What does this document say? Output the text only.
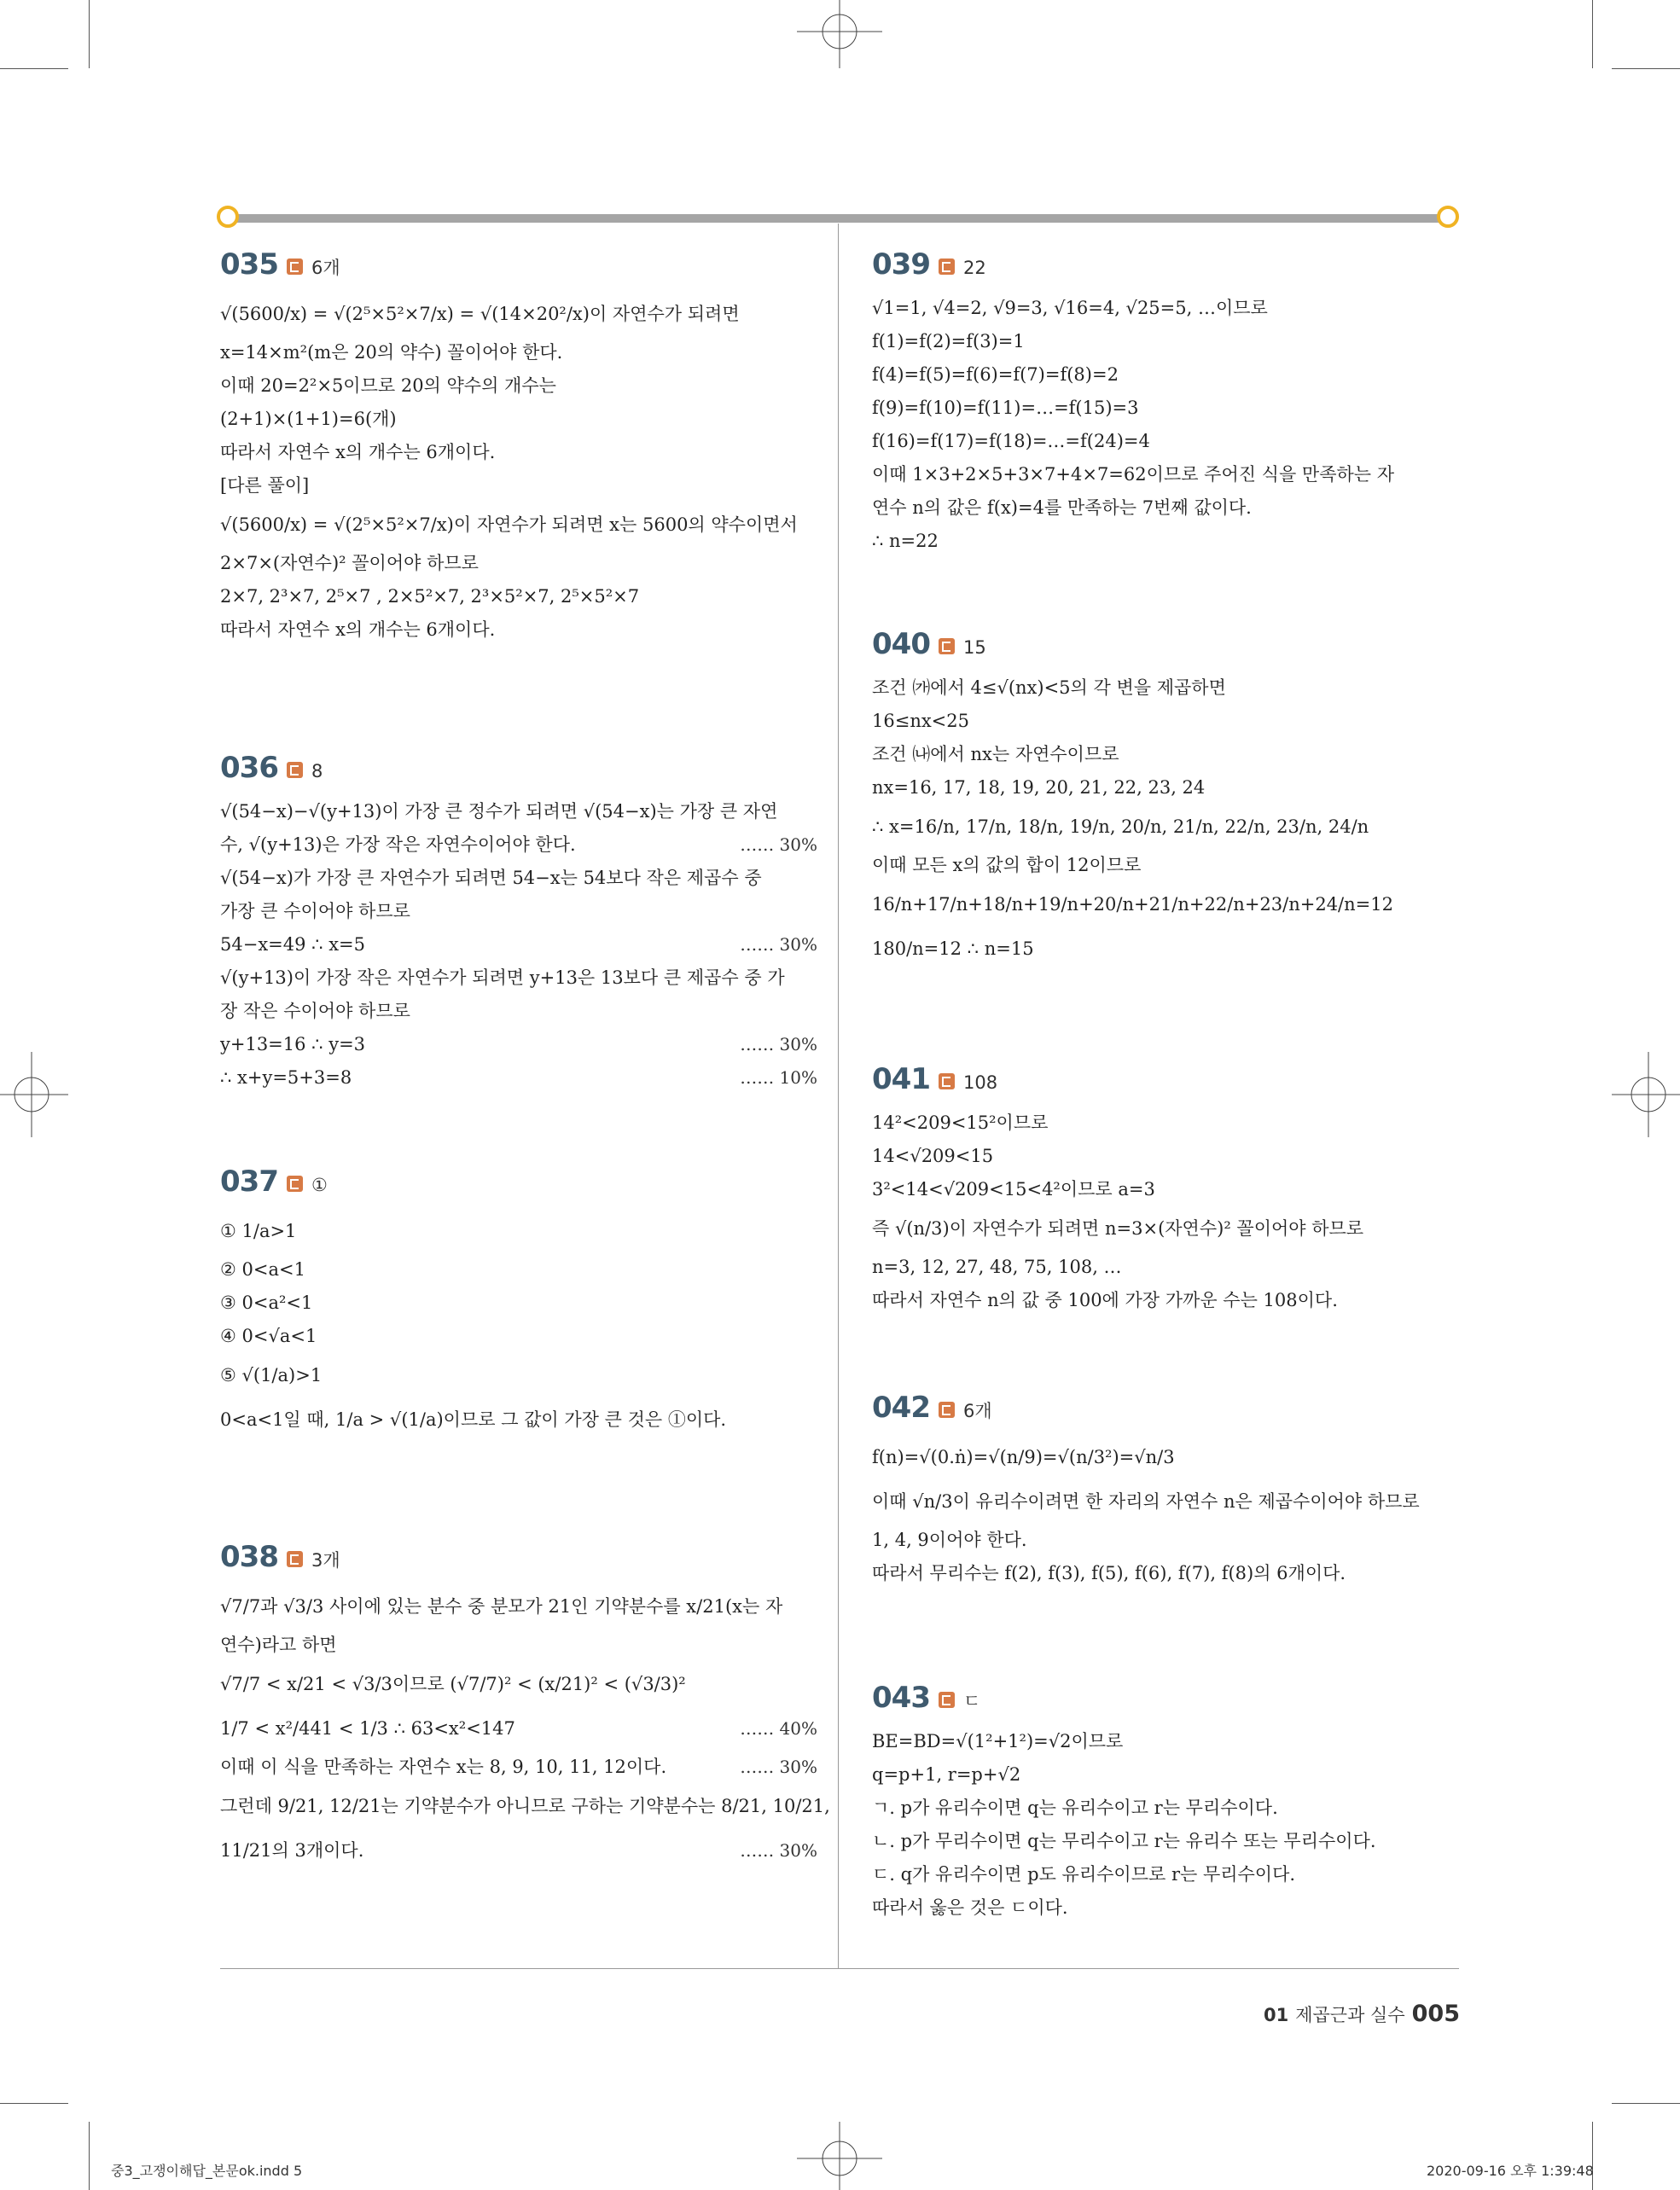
035 6개
√(5600/x) = √(2⁵×5²×7/x) = √(14×20²/x)이 자연수가 되려면
x=14×m²(m은 20의 약수) 꼴이어야 한다.
이때 20=2²×5이므로 20의 약수의 개수는
(2+1)×(1+1)=6(개)
따라서 자연수 x의 개수는 6개이다.
[다른 풀이]
√(5600/x) = √(2⁵×5²×7/x)이 자연수가 되려면 x는 5600의 약수이면서
2×7×(자연수)² 꼴이어야 하므로
2×7, 2³×7, 2⁵×7 , 2×5²×7, 2³×5²×7, 2⁵×5²×7
따라서 자연수 x의 개수는 6개이다.
036 8
√(54−x)−√(y+13)이 가장 큰 정수가 되려면 √(54−x)는 가장 큰 자연
수, √(y+13)은 가장 작은 자연수이어야 한다.	…… 30%
√(54−x)가 가장 큰 자연수가 되려면 54−x는 54보다 작은 제곱수 중
가장 큰 수이어야 하므로
54−x=49 ∴ x=5	…… 30%
√(y+13)이 가장 작은 자연수가 되려면 y+13은 13보다 큰 제곱수 중 가
장 작은 수이어야 하므로
y+13=16 ∴ y=3	…… 30%
∴ x+y=5+3=8	…… 10%
037 ①
① 1/a>1
② 0<a<1
③ 0<a²<1
④ 0<√a<1
⑤ √(1/a)>1
0<a<1일 때, 1/a > √(1/a)이므로 그 값이 가장 큰 것은 ①이다.
038 3개
√7/7과 √3/3 사이에 있는 분수 중 분모가 21인 기약분수를 x/21(x는 자
연수)라고 하면
√7/7 < x/21 < √3/3이므로 (√7/7)² < (x/21)² < (√3/3)²
1/7 < x²/441 < 1/3 ∴ 63<x²<147	…… 40%
이때 이 식을 만족하는 자연수 x는 8, 9, 10, 11, 12이다.	…… 30%
그런데 9/21, 12/21는 기약분수가 아니므로 구하는 기약분수는 8/21, 10/21,
11/21의 3개이다.	…… 30%
039 22
√1=1, √4=2, √9=3, √16=4, √25=5, …이므로
f(1)=f(2)=f(3)=1
f(4)=f(5)=f(6)=f(7)=f(8)=2
f(9)=f(10)=f(11)=…=f(15)=3
f(16)=f(17)=f(18)=…=f(24)=4
이때 1×3+2×5+3×7+4×7=62이므로 주어진 식을 만족하는 자
연수 n의 값은 f(x)=4를 만족하는 7번째 값이다.
∴ n=22
040 15
조건 ㈎에서 4≤√(nx)<5의 각 변을 제곱하면
16≤nx<25
조건 ㈏에서 nx는 자연수이므로
nx=16, 17, 18, 19, 20, 21, 22, 23, 24
∴ x=16/n, 17/n, 18/n, 19/n, 20/n, 21/n, 22/n, 23/n, 24/n
이때 모든 x의 값의 합이 12이므로
16/n+17/n+18/n+19/n+20/n+21/n+22/n+23/n+24/n=12
180/n=12 ∴ n=15
041 108
14²<209<15²이므로
14<√209<15
3²<14<√209<15<4²이므로 a=3
즉 √(n/3)이 자연수가 되려면 n=3×(자연수)² 꼴이어야 하므로
n=3, 12, 27, 48, 75, 108, …
따라서 자연수 n의 값 중 100에 가장 가까운 수는 108이다.
042 6개
f(n)=√(0.ṅ)=√(n/9)=√(n/3²)=√n/3
이때 √n/3이 유리수이려면 한 자리의 자연수 n은 제곱수이어야 하므로
1, 4, 9이어야 한다.
따라서 무리수는 f(2), f(3), f(5), f(6), f(7), f(8)의 6개이다.
043 ㄷ
BE=BD=√(1²+1²)=√2이므로
q=p+1, r=p+√2
ㄱ. p가 유리수이면 q는 유리수이고 r는 무리수이다.
ㄴ. p가 무리수이면 q는 무리수이고 r는 유리수 또는 무리수이다.
ㄷ. q가 유리수이면 p도 유리수이므로 r는 무리수이다.
따라서 옳은 것은 ㄷ이다.
01 제곱근과 실수 005
중3_고쟁이해답_본문ok.indd 5	2020-09-16 오후 1:39:48
